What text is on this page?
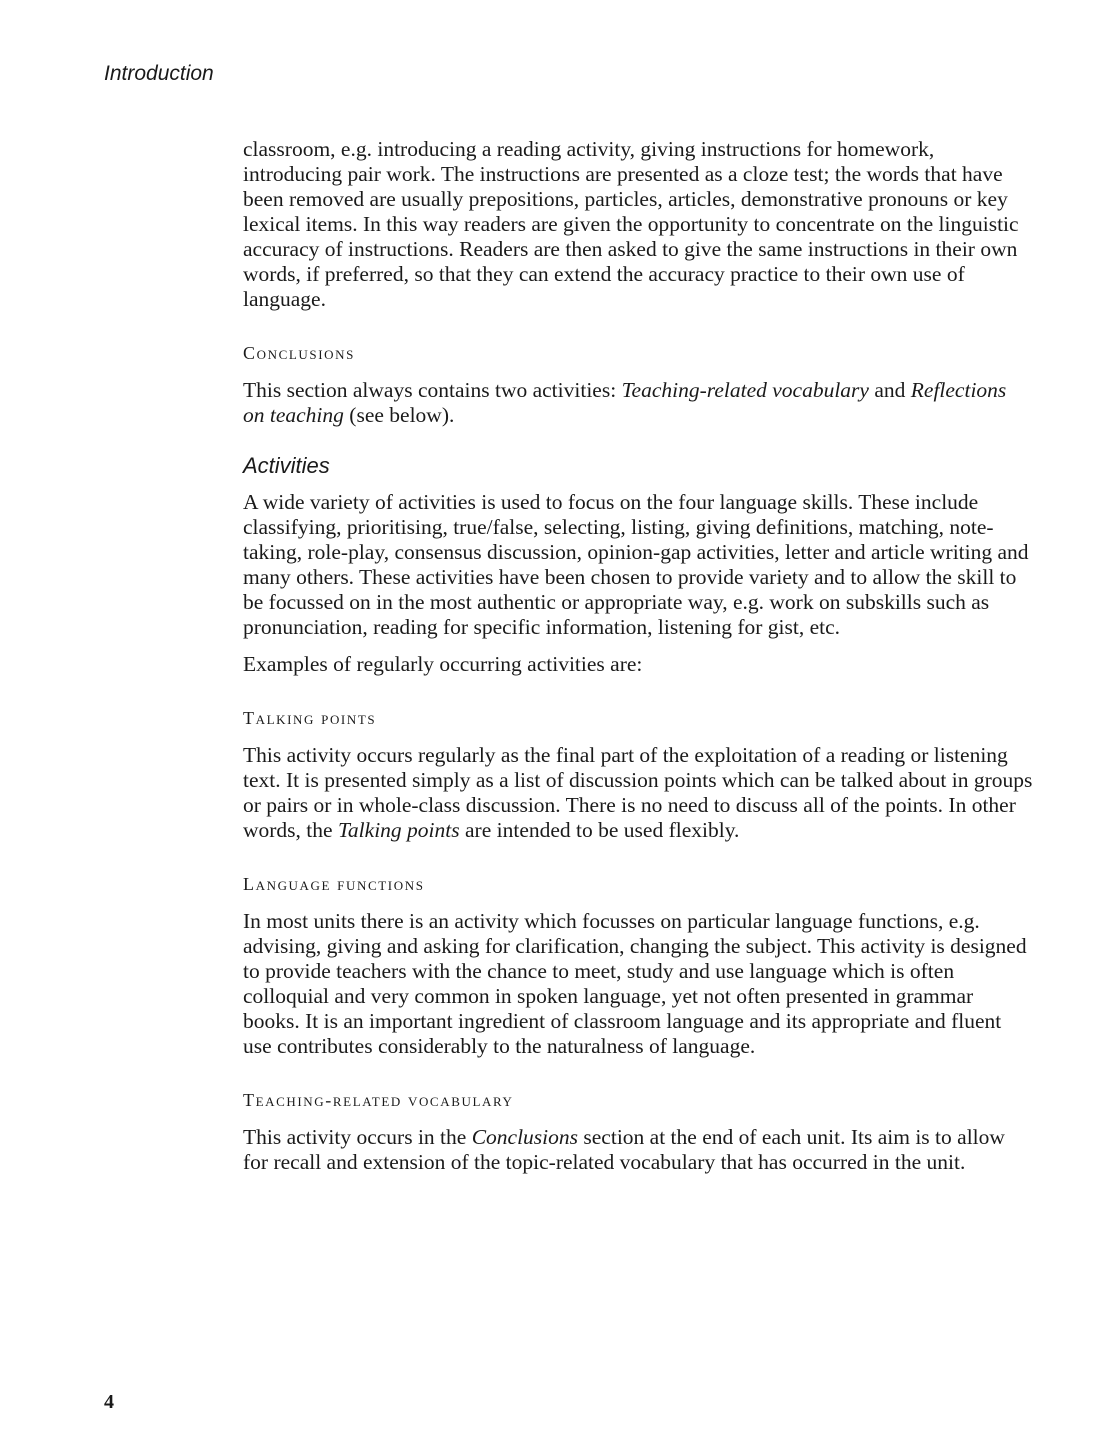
Introduction

classroom, e.g. introducing a reading activity, giving instructions for homework, introducing pair work. The instructions are presented as a cloze test; the words that have been removed are usually prepositions, particles, articles, demonstrative pronouns or key lexical items. In this way readers are given the opportunity to concentrate on the linguistic accuracy of instructions. Readers are then asked to give the same instructions in their own words, if preferred, so that they can extend the accuracy practice to their own use of language.

Conclusions

This section always contains two activities: Teaching-related vocabulary and Reflections on teaching (see below).

Activities

A wide variety of activities is used to focus on the four language skills. These include classifying, prioritising, true/false, selecting, listing, giving definitions, matching, note-taking, role-play, consensus discussion, opinion-gap activities, letter and article writing and many others. These activities have been chosen to provide variety and to allow the skill to be focussed on in the most authentic or appropriate way, e.g. work on subskills such as pronunciation, reading for specific information, listening for gist, etc.

Examples of regularly occurring activities are:

Talking points

This activity occurs regularly as the final part of the exploitation of a reading or listening text. It is presented simply as a list of discussion points which can be talked about in groups or pairs or in whole-class discussion. There is no need to discuss all of the points. In other words, the Talking points are intended to be used flexibly.

Language functions

In most units there is an activity which focusses on particular language functions, e.g. advising, giving and asking for clarification, changing the subject. This activity is designed to provide teachers with the chance to meet, study and use language which is often colloquial and very common in spoken language, yet not often presented in grammar books. It is an important ingredient of classroom language and its appropriate and fluent use contributes considerably to the naturalness of language.

Teaching-related vocabulary

This activity occurs in the Conclusions section at the end of each unit. Its aim is to allow for recall and extension of the topic-related vocabulary that has occurred in the unit.

4
